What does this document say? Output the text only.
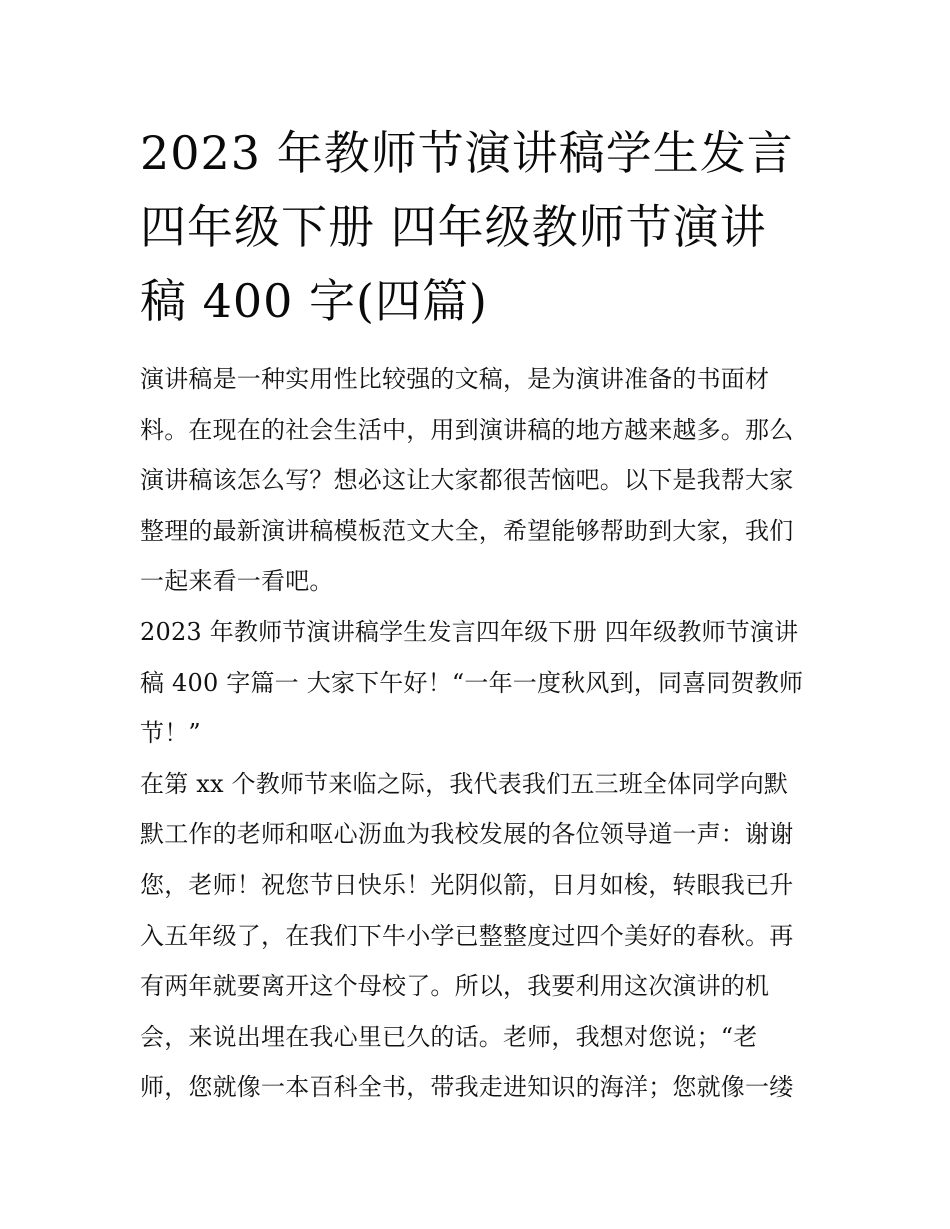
2023 年教师节演讲稿学生发言
四年级下册 四年级教师节演讲
稿 400 字(四篇)
演讲稿是一种实用性比较强的文稿，是为演讲准备的书面材
料。在现在的社会生活中，用到演讲稿的地方越来越多。那么
演讲稿该怎么写？想必这让大家都很苦恼吧。以下是我帮大家
整理的最新演讲稿模板范文大全，希望能够帮助到大家，我们
一起来看一看吧。
2023 年教师节演讲稿学生发言四年级下册 四年级教师节演讲
稿 400 字篇一 大家下午好！“一年一度秋风到，同喜同贺教师
节！”
在第 xx 个教师节来临之际，我代表我们五三班全体同学向默
默工作的老师和呕心沥血为我校发展的各位领导道一声：谢谢
您，老师！祝您节日快乐！光阴似箭，日月如梭，转眼我已升
入五年级了，在我们下牛小学已整整度过四个美好的春秋。再
有两年就要离开这个母校了。所以，我要利用这次演讲的机
会，来说出埋在我心里已久的话。老师，我想对您说；“老
师，您就像一本百科全书，带我走进知识的海洋；您就像一缕
